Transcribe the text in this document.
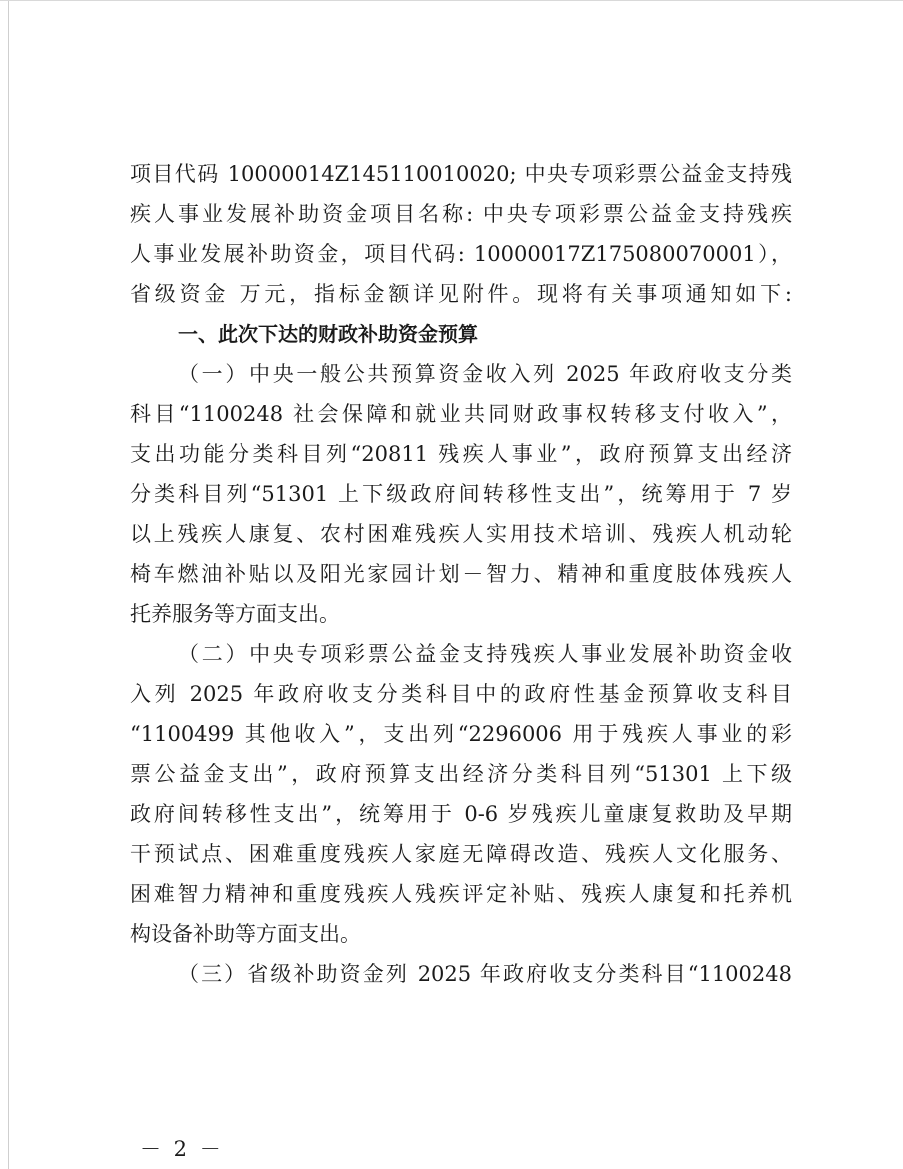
项目代码 10000014Z145110010020; 中央专项彩票公益金支持残
疾人事业发展补助资金项目名称: 中央专项彩票公益金支持残疾
人事业发展补助资金，项目代码: 10000017Z175080070001），
省级资金 万元，指标金额详见附件。现将有关事项通知如下:
一、此次下达的财政补助资金预算
（一）中央一般公共预算资金收入列 2025 年政府收支分类
科目“1100248 社会保障和就业共同财政事权转移支付收入”，
支出功能分类科目列“20811 残疾人事业”，政府预算支出经济
分类科目列“51301 上下级政府间转移性支出”，统筹用于 7 岁
以上残疾人康复、农村困难残疾人实用技术培训、残疾人机动轮
椅车燃油补贴以及阳光家园计划－智力、精神和重度肢体残疾人
托养服务等方面支出。
（二）中央专项彩票公益金支持残疾人事业发展补助资金收
入列 2025 年政府收支分类科目中的政府性基金预算收支科目
“1100499 其他收入”，支出列“2296006 用于残疾人事业的彩
票公益金支出”，政府预算支出经济分类科目列“51301 上下级
政府间转移性支出”，统筹用于 0-6 岁残疾儿童康复救助及早期
干预试点、困难重度残疾人家庭无障碍改造、残疾人文化服务、
困难智力精神和重度残疾人残疾评定补贴、残疾人康复和托养机
构设备补助等方面支出。
（三）省级补助资金列 2025 年政府收支分类科目“1100248
－ 2 －
